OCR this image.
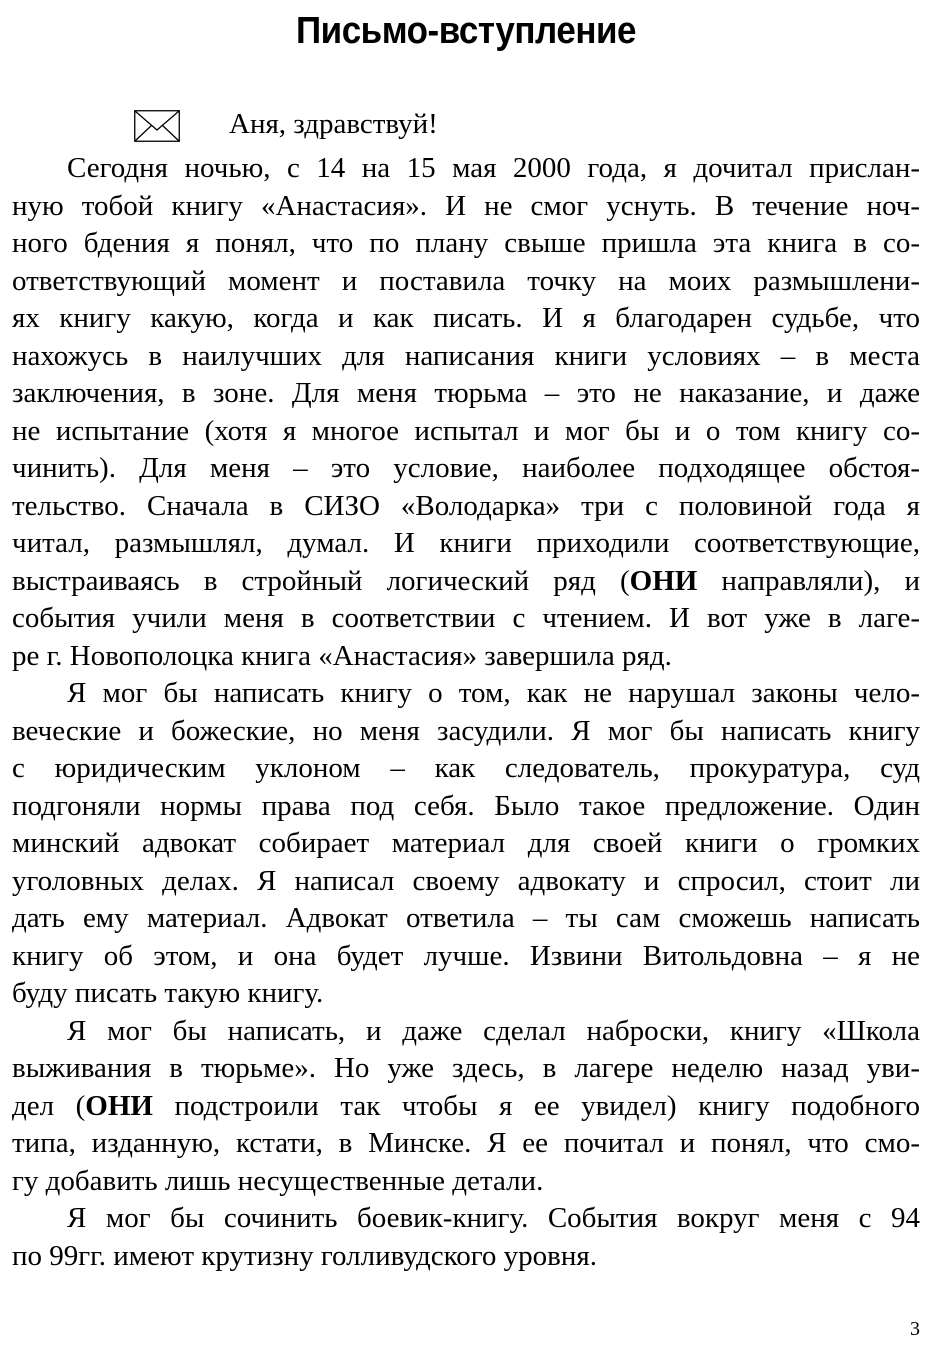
Письмо-вступление
Аня, здравствуй!
Сегодня ночью, с 14 на 15 мая 2000 года, я дочитал прислан-
ную тобой книгу «Анастасия». И не смог уснуть. В течение ноч-
ного бдения я понял, что по плану свыше пришла эта книга в со-
ответствующий момент и поставила точку на моих размышлени-
ях книгу какую, когда и как писать. И я благодарен судьбе, что
нахожусь в наилучших для написания книги условиях – в места
заключения, в зоне. Для меня тюрьма – это не наказание, и даже
не испытание (хотя я многое испытал и мог бы и о том книгу со-
чинить). Для меня – это условие, наиболее подходящее обстоя-
тельство. Сначала в СИЗО «Володарка» три с половиной года я
читал, размышлял, думал. И книги приходили соответствующие,
выстраиваясь в стройный логический ряд (ОНИ направляли), и
события учили меня в соответствии с чтением. И вот уже в лаге-
ре г. Новополоцка книга «Анастасия» завершила ряд.
Я мог бы написать книгу о том, как не нарушал законы чело-
веческие и божеские, но меня засудили. Я мог бы написать книгу
с юридическим уклоном – как следователь, прокуратура, суд
подгоняли нормы права под себя. Было такое предложение. Один
минский адвокат собирает материал для своей книги о громких
уголовных делах. Я написал своему адвокату и спросил, стоит ли
дать ему материал. Адвокат ответила – ты сам сможешь написать
книгу об этом, и она будет лучше. Извини Витольдовна – я не
буду писать такую книгу.
Я мог бы написать, и даже сделал наброски, книгу «Школа
выживания в тюрьме». Но уже здесь, в лагере неделю назад уви-
дел (ОНИ подстроили так чтобы я ее увидел) книгу подобного
типа, изданную, кстати, в Минске. Я ее почитал и понял, что смо-
гу добавить лишь несущественные детали.
Я мог бы сочинить боевик-книгу. События вокруг меня с 94
по 99гг. имеют крутизну голливудского уровня.
3
